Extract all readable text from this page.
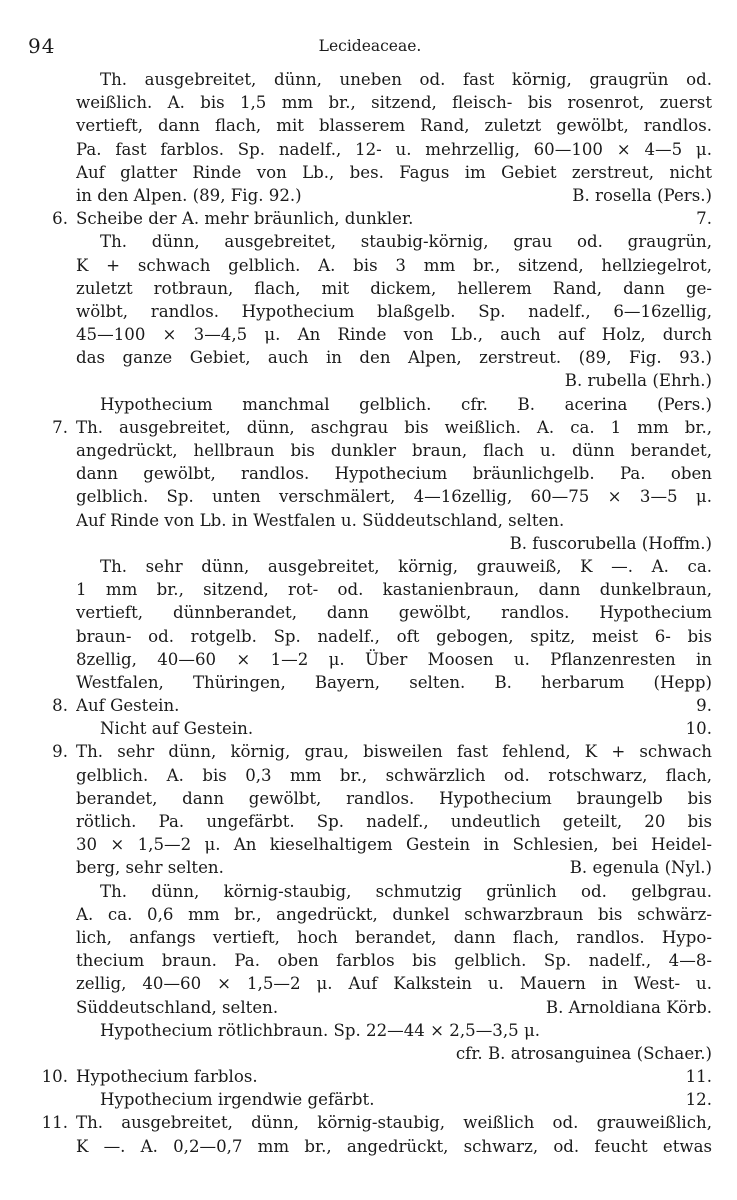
94	Lecideaceae.
Th. ausgebreitet, dünn, uneben od. fast körnig, graugrün od.
weißlich. A. bis 1,5 mm br., sitzend, fleisch- bis rosenrot, zuerst
vertieft, dann flach, mit blasserem Rand, zuletzt gewölbt, randlos.
Pa. fast farblos. Sp. nadelf., 12- u. mehrzellig, 60—100 × 4—5 μ.
Auf glatter Rinde von Lb., bes. Fagus im Gebiet zerstreut, nicht
in den Alpen. (89, Fig. 92.)	B. rosella (Pers.)
6. Scheibe der A. mehr bräunlich, dunkler.	7.
Th. dünn, ausgebreitet, staubig-körnig, grau od. graugrün,
K + schwach gelblich. A. bis 3 mm br., sitzend, hellziegelrot,
zuletzt rotbraun, flach, mit dickem, hellerem Rand, dann ge-
wölbt, randlos. Hypothecium blaßgelb. Sp. nadelf., 6—16zellig,
45—100 × 3—4,5 μ. An Rinde von Lb., auch auf Holz, durch
das ganze Gebiet, auch in den Alpen, zerstreut. (89, Fig. 93.)
B. rubella (Ehrh.)
Hypothecium manchmal gelblich. cfr. B. acerina (Pers.)
7. Th. ausgebreitet, dünn, aschgrau bis weißlich. A. ca. 1 mm br.,
angedrückt, hellbraun bis dunkler braun, flach u. dünn berandet,
dann gewölbt, randlos. Hypothecium bräunlichgelb. Pa. oben
gelblich. Sp. unten verschmälert, 4—16zellig, 60—75 × 3—5 μ.
Auf Rinde von Lb. in Westfalen u. Süddeutschland, selten.
B. fuscorubella (Hoffm.)
Th. sehr dünn, ausgebreitet, körnig, grauweiß, K —. A. ca.
1 mm br., sitzend, rot- od. kastanienbraun, dann dunkelbraun,
vertieft, dünnberandet, dann gewölbt, randlos. Hypothecium
braun- od. rotgelb. Sp. nadelf., oft gebogen, spitz, meist 6- bis
8zellig, 40—60 × 1—2 μ. Über Moosen u. Pflanzenresten in
Westfalen, Thüringen, Bayern, selten. B. herbarum (Hepp)
8. Auf Gestein.	9.
Nicht auf Gestein.	10.
9. Th. sehr dünn, körnig, grau, bisweilen fast fehlend, K + schwach
gelblich. A. bis 0,3 mm br., schwärzlich od. rotschwarz, flach,
berandet, dann gewölbt, randlos. Hypothecium braungelb bis
rötlich. Pa. ungefärbt. Sp. nadelf., undeutlich geteilt, 20 bis
30 × 1,5—2 μ. An kieselhaltigem Gestein in Schlesien, bei Heidel-
berg, sehr selten.	B. egenula (Nyl.)
Th. dünn, körnig-staubig, schmutzig grünlich od. gelbgrau.
A. ca. 0,6 mm br., angedrückt, dunkel schwarzbraun bis schwärz-
lich, anfangs vertieft, hoch berandet, dann flach, randlos. Hypo-
thecium braun. Pa. oben farblos bis gelblich. Sp. nadelf., 4—8-
zellig, 40—60 × 1,5—2 μ. Auf Kalkstein u. Mauern in West- u.
Süddeutschland, selten.	B. Arnoldiana Körb.
Hypothecium rötlichbraun. Sp. 22—44 × 2,5—3,5 μ.
cfr. B. atrosanguinea (Schaer.)
10. Hypothecium farblos.	11.
Hypothecium irgendwie gefärbt.	12.
11. Th. ausgebreitet, dünn, körnig-staubig, weißlich od. grauweißlich,
K —. A. 0,2—0,7 mm br., angedrückt, schwarz, od. feucht etwas
